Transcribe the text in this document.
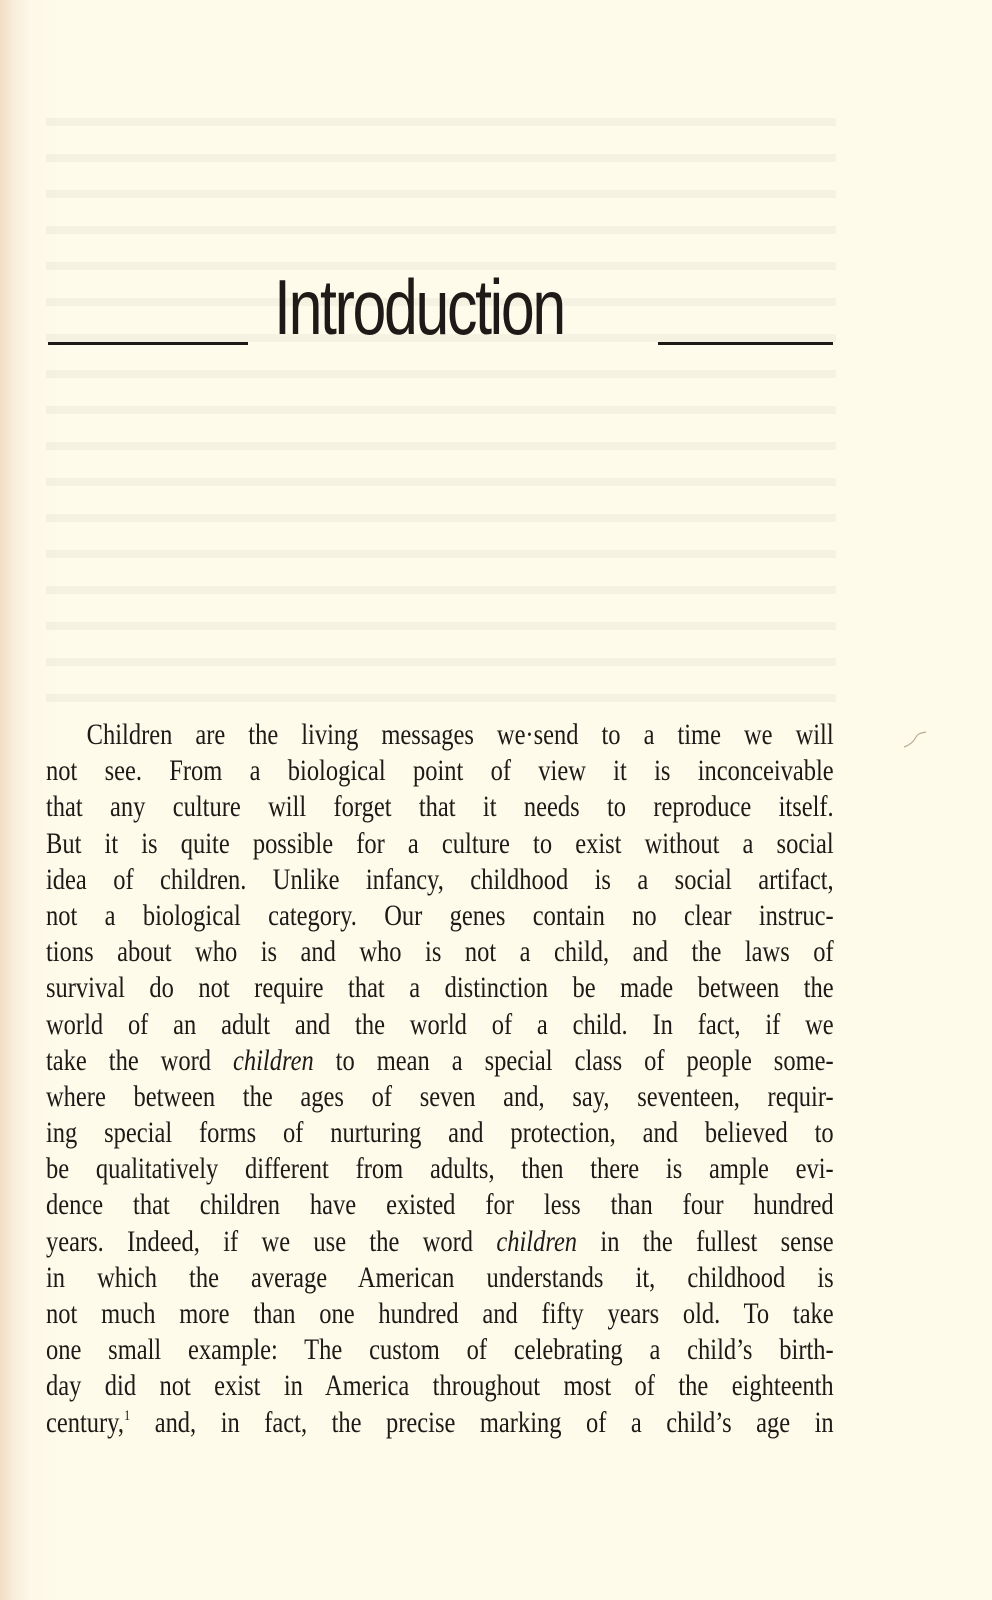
Introduction
Children are the living messages we·send to a time we will
not see. From a biological point of view it is inconceivable
that any culture will forget that it needs to reproduce itself.
But it is quite possible for a culture to exist without a social
idea of children. Unlike infancy, childhood is a social artifact,
not a biological category. Our genes contain no clear instruc-
tions about who is and who is not a child, and the laws of
survival do not require that a distinction be made between the
world of an adult and the world of a child. In fact, if we
take the word children to mean a special class of people some-
where between the ages of seven and, say, seventeen, requir-
ing special forms of nurturing and protection, and believed to
be qualitatively different from adults, then there is ample evi-
dence that children have existed for less than four hundred
years. Indeed, if we use the word children in the fullest sense
in which the average American understands it, childhood is
not much more than one hundred and fifty years old. To take
one small example: The custom of celebrating a child’s birth-
day did not exist in America throughout most of the eighteenth
century,$^1$ and, in fact, the precise marking of a child’s age in
